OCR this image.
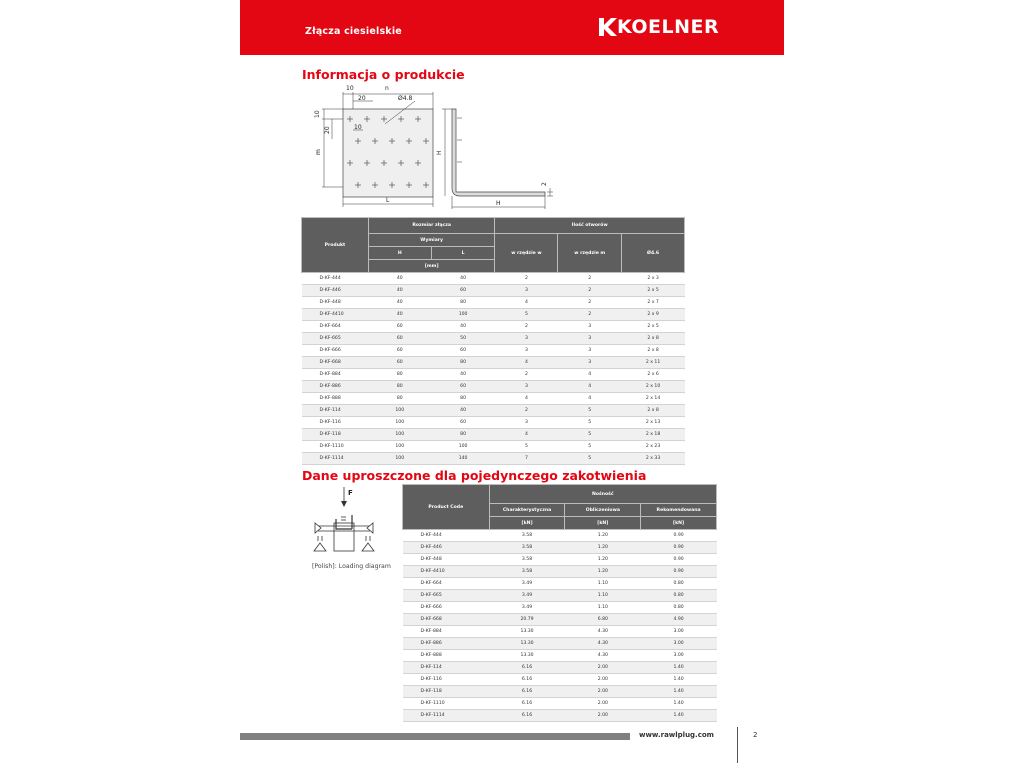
Złącza ciesielskie	KOELNER
Informacja o produkcie
10	n
20	Ø4.8
10
10
20
m
L
H
H
2
Produkt	Rozmiar złącza		Ilość otworów		
	Wymiary		w rzędzie w	w rzędzie m	Ø4.6
	H	L			
	[mm]				
D-KF-444	40	40	2	2	2 x 3
D-KF-446	40	60	3	2	2 x 5
D-KF-448	40	80	4	2	2 x 7
D-KF-4410	40	100	5	2	2 x 9
D-KF-664	60	40	2	3	2 x 5
D-KF-665	60	50	3	3	2 x 8
D-KF-666	60	60	3	3	2 x 8
D-KF-668	60	80	4	3	2 x 11
D-KF-884	80	40	2	4	2 x 6
D-KF-886	80	60	3	4	2 x 10
D-KF-888	80	80	4	4	2 x 14
D-KF-114	100	40	2	5	2 x 8
D-KF-116	100	60	3	5	2 x 13
D-KF-118	100	80	4	5	2 x 18
D-KF-1110	100	100	5	5	2 x 23
D-KF-1114	100	140	7	5	2 x 33
Dane uproszczone dla pojedynczego zakotwienia
F
[Polish]: Loading diagram
Product Code	Nośność		
	Charakterystyczna	Obliczeniowa	Rekomendowana
	[kN]	[kN]	[kN]
D-KF-444	3.58	1.20	0.90
D-KF-446	3.58	1.20	0.90
D-KF-448	3.58	1.20	0.90
D-KF-4410	3.58	1.20	0.90
D-KF-664	3.49	1.10	0.80
D-KF-665	3.49	1.10	0.80
D-KF-666	3.49	1.10	0.80
D-KF-668	20.79	6.80	4.90
D-KF-884	13.30	4.30	3.00
D-KF-886	13.30	4.30	3.00
D-KF-888	13.30	4.30	3.00
D-KF-114	6.16	2.00	1.40
D-KF-116	6.16	2.00	1.40
D-KF-118	6.16	2.00	1.40
D-KF-1110	6.16	2.00	1.40
D-KF-1114	6.16	2.00	1.40
www.rawlplug.com	2
